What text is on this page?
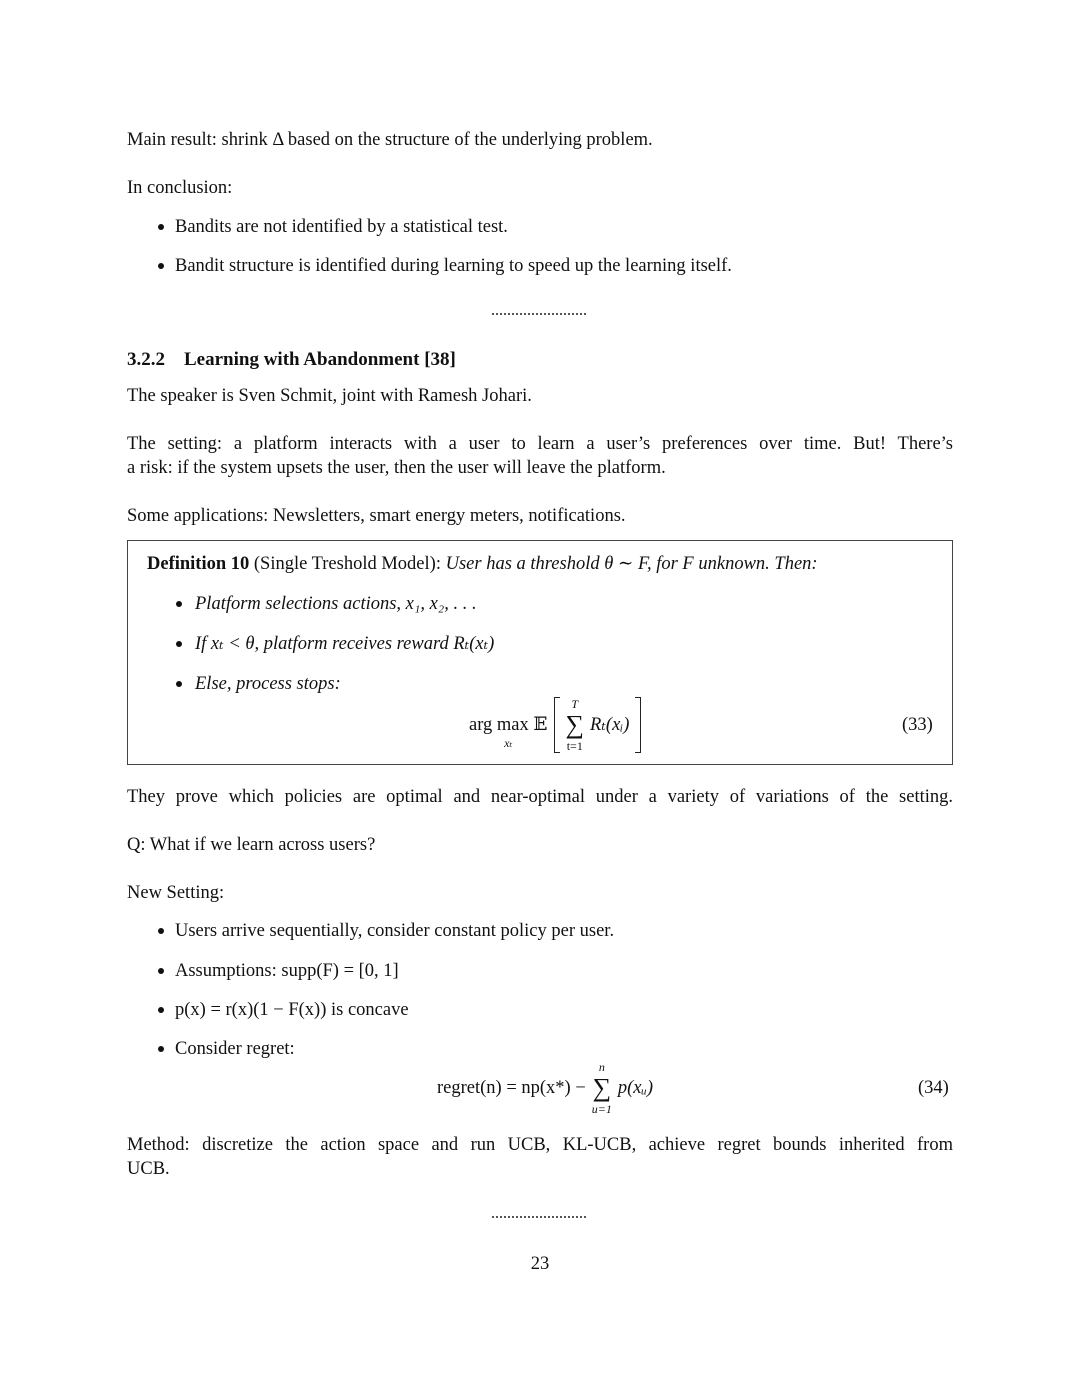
Main result: shrink Δ based on the structure of the underlying problem.
In conclusion:
Bandits are not identified by a statistical test.
Bandit structure is identified during learning to speed up the learning itself.
3.2.2 Learning with Abandonment [38]
The speaker is Sven Schmit, joint with Ramesh Johari.
The setting: a platform interacts with a user to learn a user’s preferences over time. But! There’s
a risk: if the system upsets the user, then the user will leave the platform.
Some applications: Newsletters, smart energy meters, notifications.
Definition 10 (Single Treshold Model): User has a threshold θ ∼ F, for F unknown. Then:
Platform selections actions, x₁, x₂, . . .
If xₜ < θ, platform receives reward Rₜ(xₜ)
Else, process stops:
arg max 𝔼
xₜ
T
∑
t=1
Rₜ(xᵢ)	(33)
They prove which policies are optimal and near-optimal under a variety of variations of the setting.
Q: What if we learn across users?
New Setting:
Users arrive sequentially, consider constant policy per user.
Assumptions: supp(F) = [0, 1]
p(x) = r(x)(1 − F(x)) is concave
Consider regret:
regret(n) = np(x*) −
n
∑
u=1
p(xᵤ)	(34)
Method: discretize the action space and run UCB, KL-UCB, achieve regret bounds inherited from
UCB.
23
